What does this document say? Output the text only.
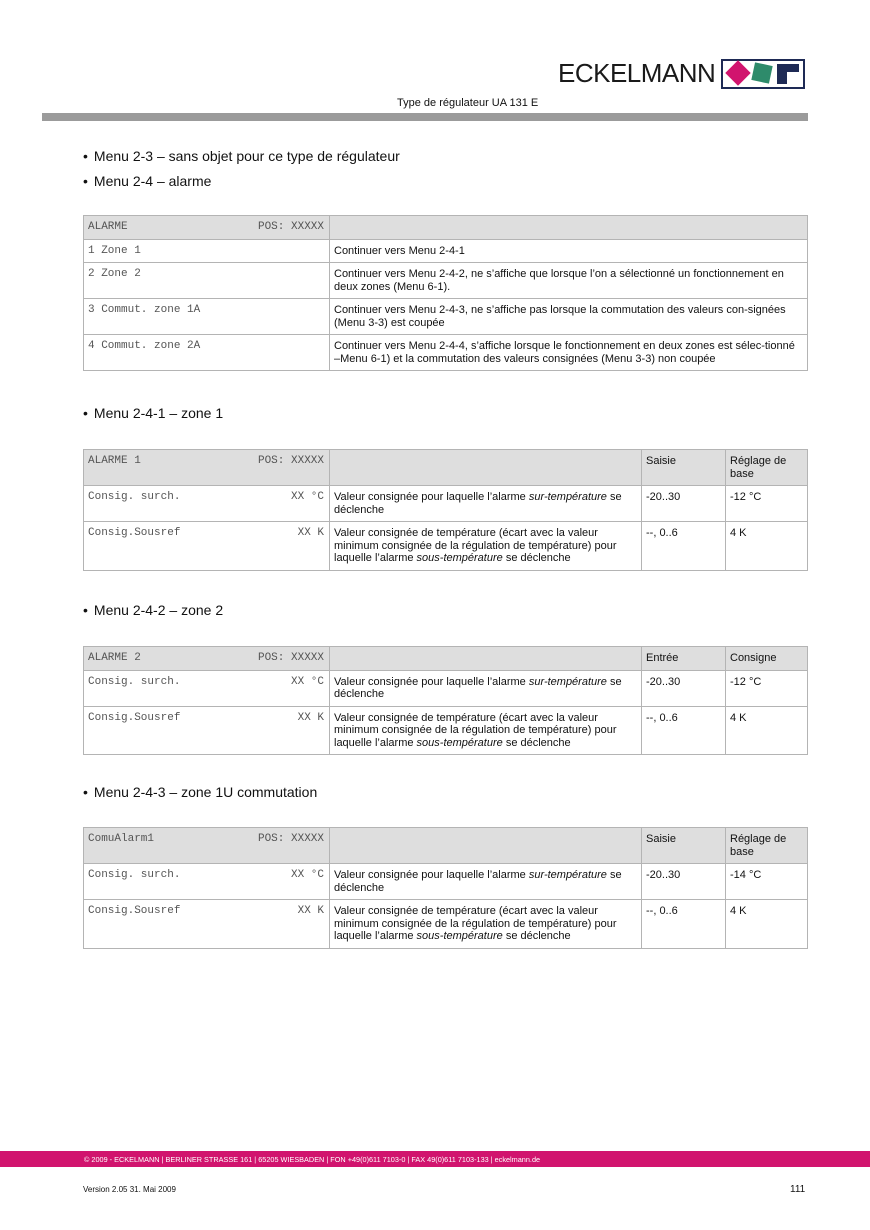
ECKELMANN
Type de régulateur UA 131 E
• Menu 2-3 – sans objet pour ce type de régulateur
• Menu 2-4 – alarme
ALARME POS: XXXXX	

1 Zone 1	Continuer vers Menu 2-4-1
2 Zone 2	Continuer vers Menu 2-4-2, ne s’affiche que lorsque l’on a sélectionné un fonctionnement en deux zones (Menu 6-1).
3 Commut. zone 1A	Continuer vers Menu 2-4-3, ne s’affiche pas lorsque la commutation des valeurs con-signées (Menu 3-3) est coupée
4 Commut. zone 2A	Continuer vers Menu 2-4-4, s’affiche lorsque le fonctionnement en deux zones est sélec-tionné –Menu 6-1) et la commutation des valeurs consignées (Menu 3-3) non coupée
• Menu 2-4-1 – zone 1
ALARME 1 POS: XXXXX		Saisie	Réglage de base

Consig. surch. XX °C	Valeur consignée pour laquelle l’alarme sur-température se déclenche	-20..30	-12 °C

Consig.Sousref XX K	Valeur consignée de température (écart avec la valeur minimum consignée de la régulation de température) pour laquelle l’alarme sous-température se déclenche	--, 0..6	4 K
• Menu 2-4-2 – zone 2
ALARME 2 POS: XXXXX		Entrée	Consigne

Consig. surch. XX °C	Valeur consignée pour laquelle l’alarme sur-température se déclenche	-20..30	-12 °C

Consig.Sousref XX K	Valeur consignée de température (écart avec la valeur minimum consignée de la régulation de température) pour laquelle l’alarme sous-température se déclenche	--, 0..6	4 K
• Menu 2-4-3 – zone 1U commutation
ComuAlarm1 POS: XXXXX		Saisie	Réglage de base

Consig. surch. XX °C	Valeur consignée pour laquelle l’alarme sur-température se déclenche	-20..30	-14 °C

Consig.Sousref XX K	Valeur consignée de température (écart avec la valeur minimum consignée de la régulation de température) pour laquelle l’alarme sous-température se déclenche	--, 0..6	4 K
© 2009 - ECKELMANN | BERLINER STRASSE 161 | 65205 WIESBADEN | FON +49(0)611 7103-0 | FAX 49(0)611 7103-133 | eckelmann.de
Version 2.05 31. Mai 2009	111
